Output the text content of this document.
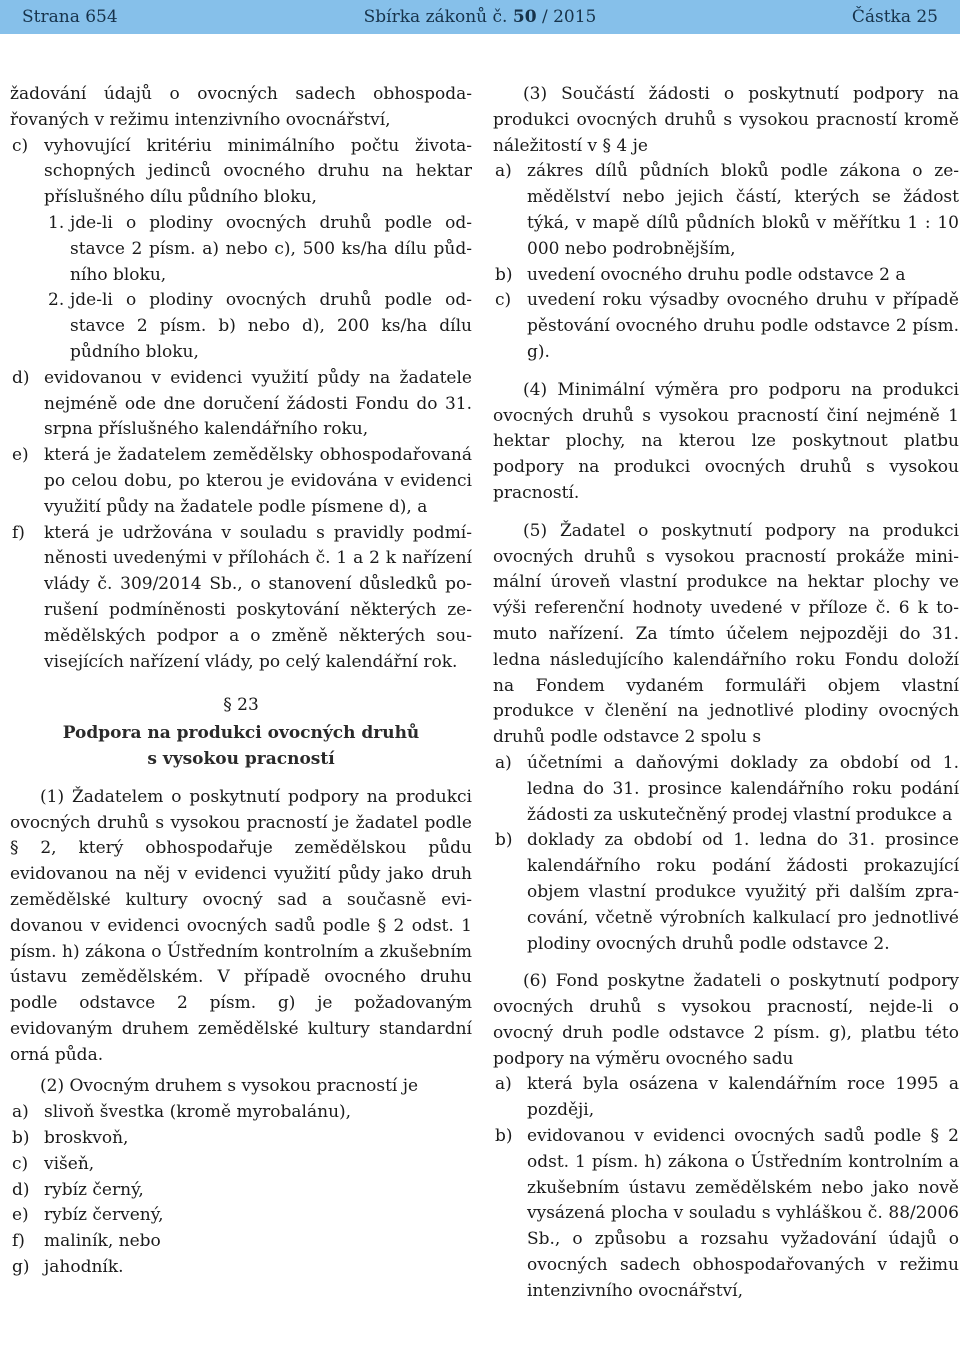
Strana 654	Sbírka zákonů č. 50 / 2015	Částka 25

žadování údajů o ovocných sadech obhospodařovaných v režimu intenzivního ovocnářství,

c) vyhovující kritériu minimálního počtu životaschopných jedinců ovocného druhu na hektar příslušného dílu půdního bloku,
1. jde-li o plodiny ovocných druhů podle odstavce 2 písm. a) nebo c), 500 ks/ha dílu půdního bloku,
2. jde-li o plodiny ovocných druhů podle odstavce 2 písm. b) nebo d), 200 ks/ha dílu půdního bloku,
d) evidovanou v evidenci využití půdy na žadatele nejméně ode dne doručení žádosti Fondu do 31. srpna příslušného kalendářního roku,
e) která je žadatelem zemědělsky obhospodařovaná po celou dobu, po kterou je evidována v evidenci využití půdy na žadatele podle písmene d), a
f)	která je udržována v souladu s pravidly podmíněnosti uvedenými v přílohách č. 1 a 2 k nařízení vlády č. 309/2014 Sb., o stanovení důsledků porušení podmíněnosti poskytování některých zemědělských podpor a o změně některých souvisejících nařízení vlády, po celý kalendářní rok.
§ 23
Podpora na produkci ovocných druhů
s vysokou pracností

(1) Žadatelem o poskytnutí podpory na produkci ovocných druhů s vysokou pracností je žadatel podle § 2, který obhospodařuje zemědělskou půdu evidovanou na něj v evidenci využití půdy jako druh zemědělské kultury ovocný sad a současně evidovanou v evidenci ovocných sadů podle § 2 odst. 1 písm. h) zákona o Ústředním kontrolním a zkušebním ústavu zemědělském. V případě ovocného druhu podle odstavce 2 písm. g) je požadovaným evidovaným druhem zemědělské kultury standardní orná půda.

(2) Ovocným druhem s vysokou pracností je

a) slivoň švestka (kromě myrobalánu),
b) broskvoň,
c) višeň,
d) rybíz černý,
e) rybíz červený,
f)	maliník, nebo
g) jahodník.

(3) Součástí žádosti o poskytnutí podpory na produkci ovocných druhů s vysokou pracností kromě náležitostí v § 4 je

a) zákres dílů půdních bloků podle zákona o zemědělství nebo jejich částí, kterých se žádost týká, v mapě dílů půdních bloků v měřítku 1 : 10 000 nebo podrobnějším,
b) uvedení ovocného druhu podle odstavce 2 a
c) uvedení roku výsadby ovocného druhu v případě pěstování ovocného druhu podle odstavce 2 písm. g).

(4) Minimální výměra pro podporu na produkci ovocných druhů s vysokou pracností činí nejméně 1 hektar plochy, na kterou lze poskytnout platbu podpory na produkci ovocných druhů s vysokou pracností.

(5) Žadatel o poskytnutí podpory na produkci ovocných druhů s vysokou pracností prokáže minimální úroveň vlastní produkce na hektar plochy ve výši referenční hodnoty uvedené v příloze č. 6 k tomuto nařízení. Za tímto účelem nejpozději do 31. ledna následujícího kalendářního roku Fondu doloží na Fondem vydaném formuláři objem vlastní produkce v členění na jednotlivé plodiny ovocných druhů podle odstavce 2 spolu s

a) účetními a daňovými doklady za období od 1. ledna do 31. prosince kalendářního roku podání žádosti za uskutečněný prodej vlastní produkce a
b) doklady za období od 1. ledna do 31. prosince kalendářního roku podání žádosti prokazující objem vlastní produkce využitý při dalším zpracování, včetně výrobních kalkulací pro jednotlivé plodiny ovocných druhů podle odstavce 2.

(6) Fond poskytne žadateli o poskytnutí podpory ovocných druhů s vysokou pracností, nejde-li o ovocný druh podle odstavce 2 písm. g), platbu této podpory na výměru ovocného sadu

a) která byla osázena v kalendářním roce 1995 a později,
b) evidovanou v evidenci ovocných sadů podle § 2 odst. 1 písm. h) zákona o Ústředním kontrolním a zkušebním ústavu zemědělském nebo jako nově vysázená plocha v souladu s vyhláškou č. 88/2006 Sb., o způsobu a rozsahu vyžadování údajů o ovocných sadech obhospodařovaných v režimu intenzivního ovocnářství,
